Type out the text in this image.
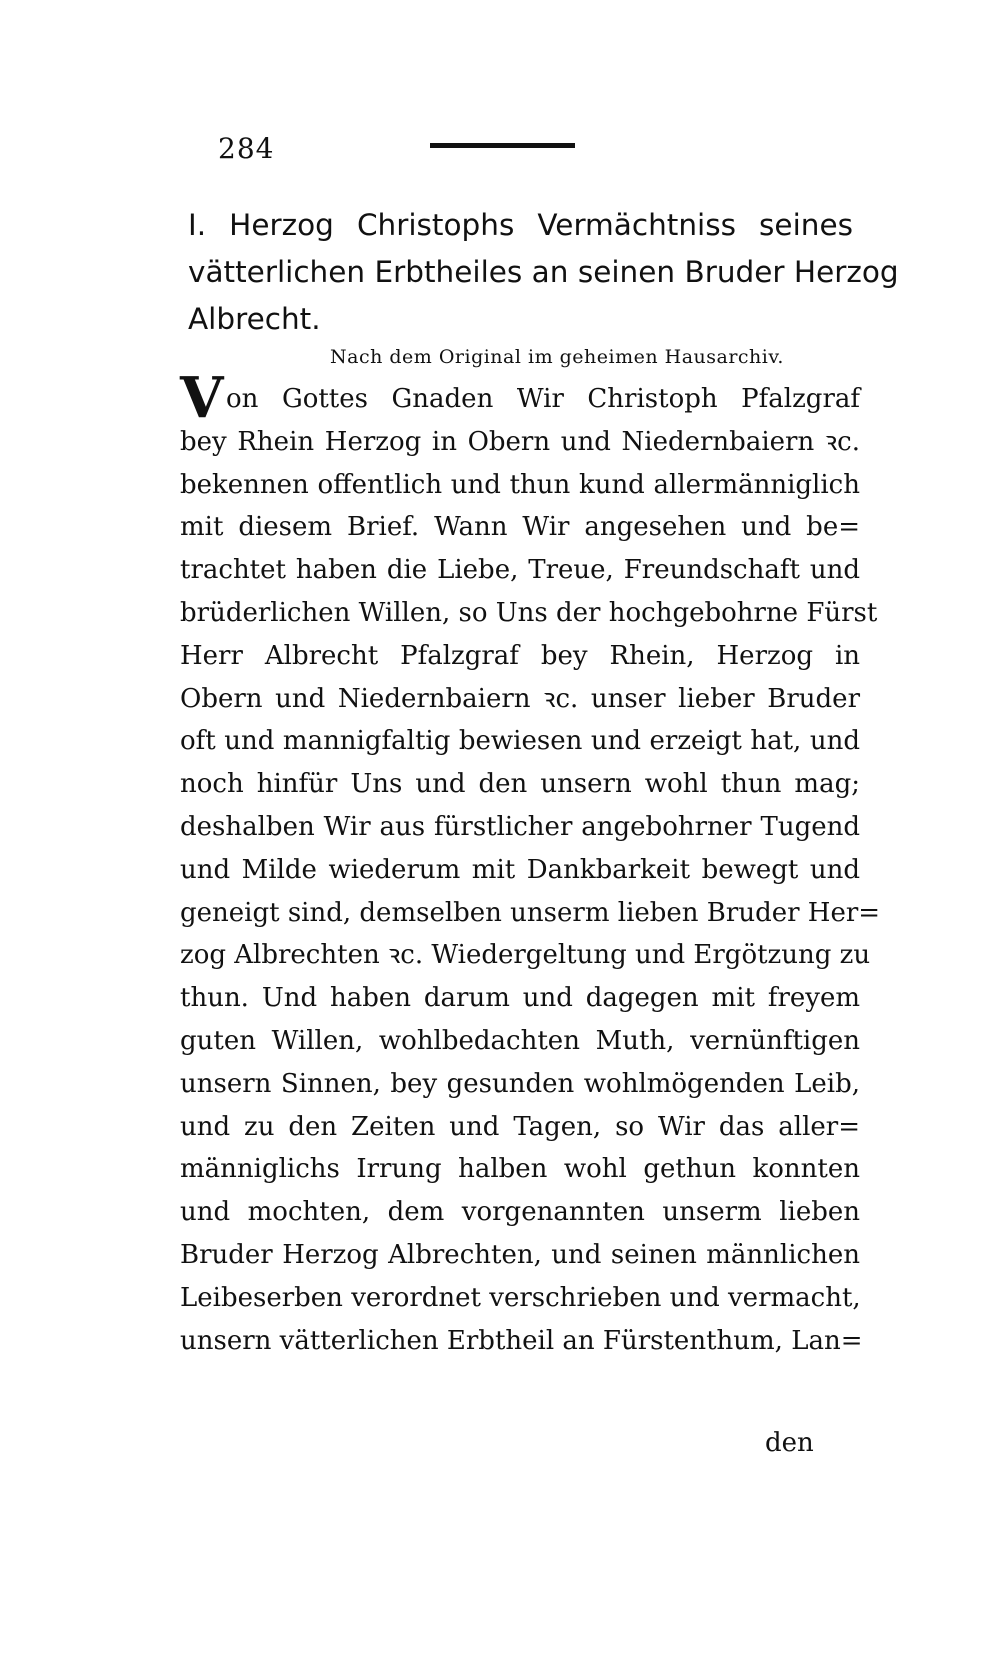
284
I. Herzog Christophs Vermächtniss seines
vätterlichen Erbtheiles an seinen Bruder Herzog
Albrecht.
Nach dem Original im geheimen Hausarchiv.
V on Gottes Gnaden Wir Christoph Pfalzgraf
bey Rhein Herzog in Obern und Niedernbaiern ꝛc.
bekennen offentlich und thun kund allermänniglich
mit diesem Brief. Wann Wir angesehen und be=
trachtet haben die Liebe, Treue, Freundschaft und
brüderlichen Willen, so Uns der hochgebohrne Fürst
Herr Albrecht Pfalzgraf bey Rhein, Herzog in
Obern und Niedernbaiern ꝛc. unser lieber Bruder
oft und mannigfaltig bewiesen und erzeigt hat, und
noch hinfür Uns und den unsern wohl thun mag;
deshalben Wir aus fürstlicher angebohrner Tugend
und Milde wiederum mit Dankbarkeit bewegt und
geneigt sind, demselben unserm lieben Bruder Her=
zog Albrechten ꝛc. Wiedergeltung und Ergötzung zu
thun. Und haben darum und dagegen mit freyem
guten Willen, wohlbedachten Muth, vernünftigen
unsern Sinnen, bey gesunden wohlmögenden Leib,
und zu den Zeiten und Tagen, so Wir das aller=
männiglichs Irrung halben wohl gethun konnten
und mochten, dem vorgenannten unserm lieben
Bruder Herzog Albrechten, und seinen männlichen
Leibeserben verordnet verschrieben und vermacht,
unsern vätterlichen Erbtheil an Fürstenthum, Lan=
den
